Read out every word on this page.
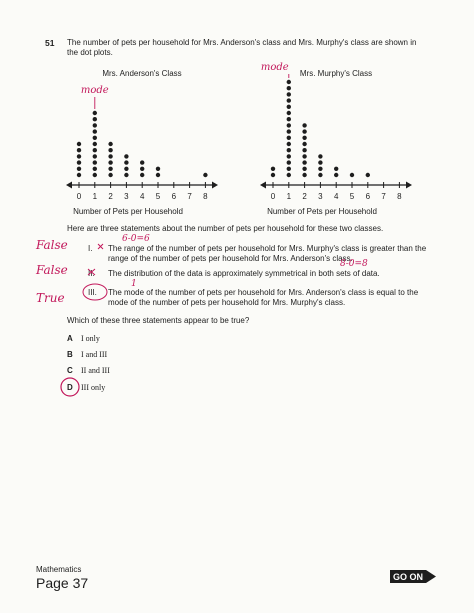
51 The number of pets per household for Mrs. Anderson's class and Mrs. Murphy's class are shown in the dot plots.
Mrs. Anderson's Class
0 1 2 3 4 5 6 7 8
Number of Pets per Household
mode
Mrs. Murphy's Class
0 1 2 3 4 5 6 7 8
Number of Pets per Household
mode
Here are three statements about the number of pets per household for these two classes.
I. The range of the number of pets per household for Mrs. Murphy's class is greater than the range of the number of pets per household for Mrs. Anderson's class.
II. The distribution of the data is approximately symmetrical in both sets of data.
III. The mode of the number of pets per household for Mrs. Anderson's class is equal to the mode of the number of pets per household for Mrs. Murphy's class.
False	6-0=6
False	8-0=8
True
1
Which of these three statements appear to be true?
A I only
B I and III
C II and III
D III only
Mathematics
Page 37	GO ON
